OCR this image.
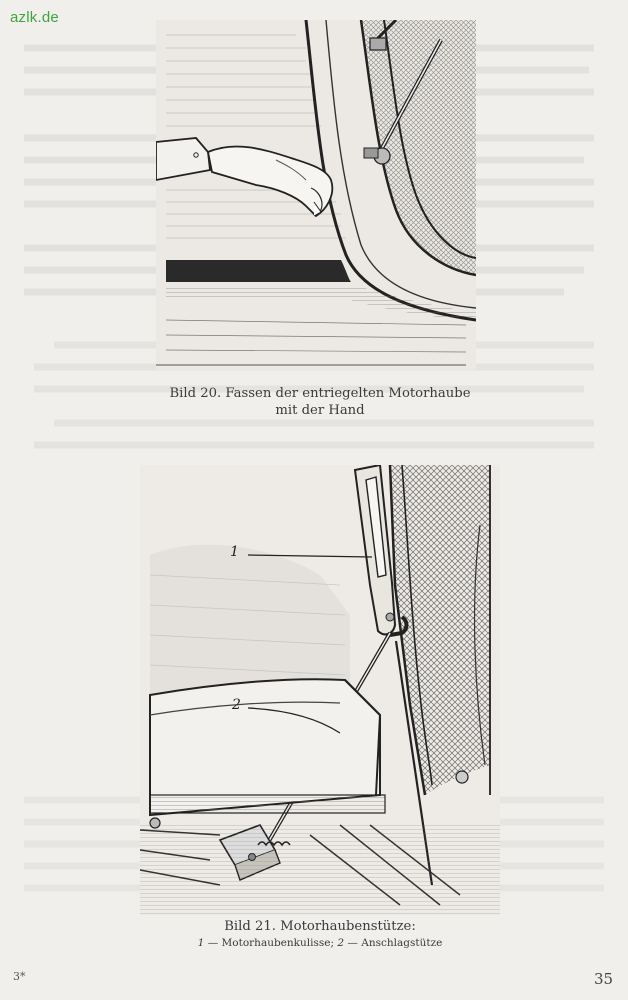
azlk.de
Bild 20. Fassen der entriegelten Motorhaube
mit der Hand
1
2
Bild 21. Motorhaubenstütze:
1 — Motorhaubenkulisse; 2 — Anschlagstütze
3*	35
